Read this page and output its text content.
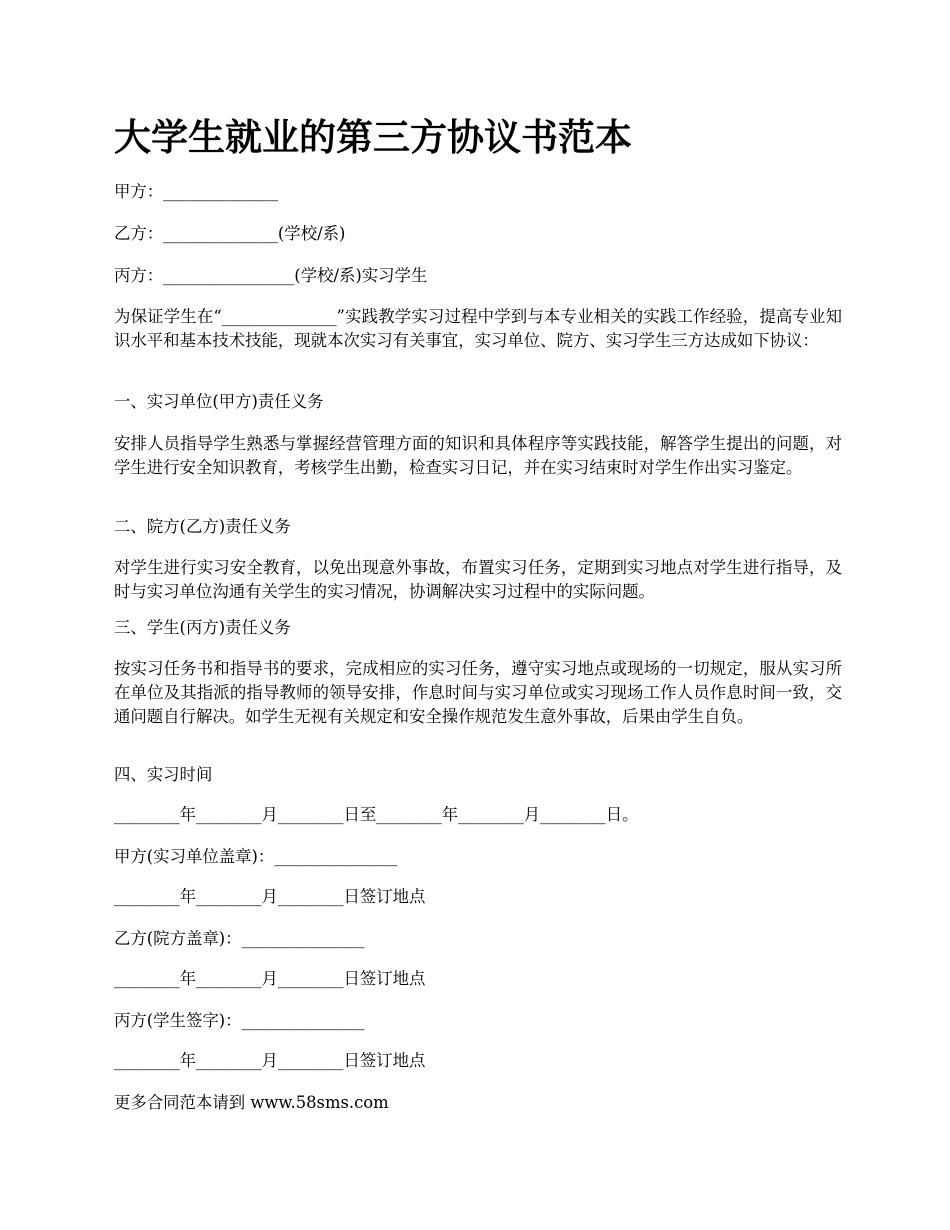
大学生就业的第三方协议书范本

甲方：______________

乙方：______________(学校/系)

丙方：________________(学校/系)实习学生

为保证学生在“______________”实践教学实习过程中学到与本专业相关的实践工作经验，提高专业知识水平和基本技术技能，现就本次实习有关事宜，实习单位、院方、实习学生三方达成如下协议：

一、实习单位(甲方)责任义务

安排人员指导学生熟悉与掌握经营管理方面的知识和具体程序等实践技能，解答学生提出的问题，对学生进行安全知识教育，考核学生出勤，检查实习日记，并在实习结束时对学生作出实习鉴定。

二、院方(乙方)责任义务

对学生进行实习安全教育，以免出现意外事故，布置实习任务，定期到实习地点对学生进行指导，及时与实习单位沟通有关学生的实习情况，协调解决实习过程中的实际问题。

三、学生(丙方)责任义务

按实习任务书和指导书的要求，完成相应的实习任务，遵守实习地点或现场的一切规定，服从实习所在单位及其指派的指导教师的领导安排，作息时间与实习单位或实习现场工作人员作息时间一致，交通问题自行解决。如学生无视有关规定和安全操作规范发生意外事故，后果由学生自负。

四、实习时间

________年________月________日至________年________月________日。

甲方(实习单位盖章)：_______________

________年________月________日签订地点

乙方(院方盖章)：_______________

________年________月________日签订地点

丙方(学生签字)：_______________

________年________月________日签订地点

更多合同范本请到 www.58sms.com
